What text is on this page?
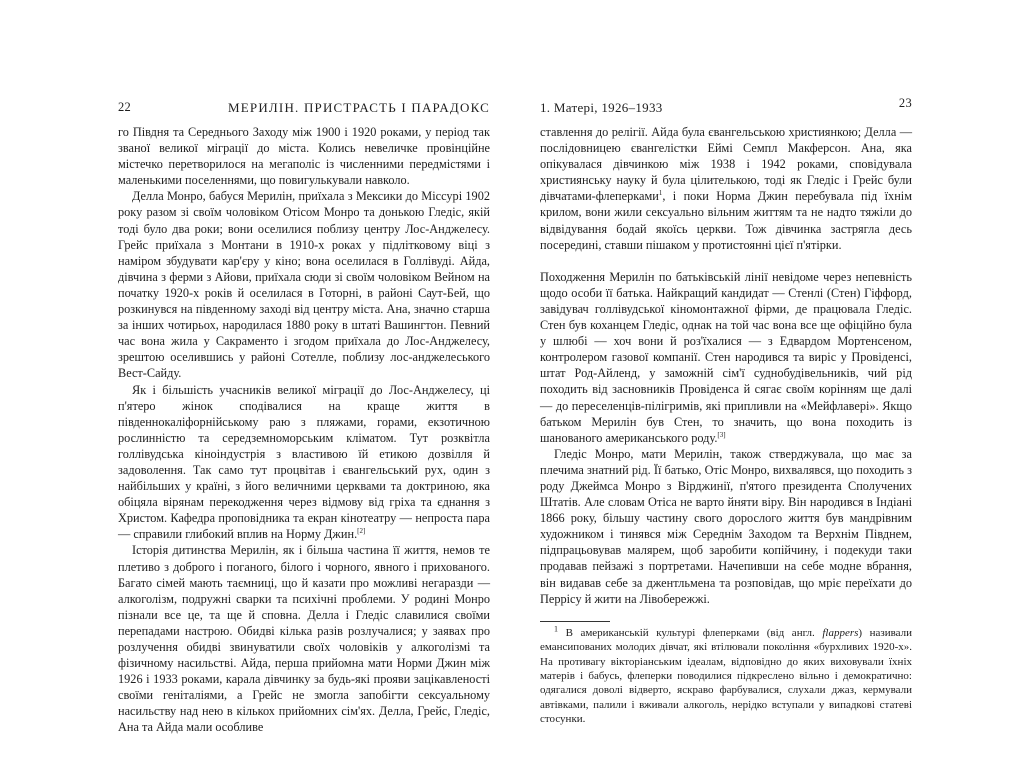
22	МЕРИЛІН. ПРИСТРАСТЬ І ПАРАДОКС

го Півдня та Середнього Заходу між 1900 і 1920 роками, у період так званої великої міграції до міста. Колись невеличке провінційне містечко перетворилося на мегаполіс із численними передмістями і маленькими поселеннями, що повигулькували навколо.

Делла Монро, бабуся Мерилін, приїхала з Мексики до Міссурі 1902 року разом зі своїм чоловіком Отісом Монро та донькою Гледіс, якій тоді було два роки; вони оселилися поблизу центру Лос-Анджелесу. Грейс приїхала з Монтани в 1910-х роках у підлітковому віці з наміром збудувати кар'єру у кіно; вона оселилася в Голлівуді. Айда, дівчина з ферми з Айови, приїхала сюди зі своїм чоловіком Вейном на початку 1920-х років й оселилася в Готорні, в районі Саут-Бей, що розкинувся на південному заході від центру міста. Ана, значно старша за інших чотирьох, народилася 1880 року в штаті Вашингтон. Певний час вона жила у Сакраменто і згодом приїхала до Лос-Анджелесу, зрештою оселившись у районі Сотелле, поблизу лос-анджелеського Вест-Сайду.

Як і більшість учасників великої міграції до Лос-Анджелесу, ці п'ятеро жінок сподівалися на краще життя в південнокаліфорнійському раю з пляжами, горами, екзотичною рослинністю та середземноморським кліматом. Тут розквітла голлівудська кіноіндустрія з властивою їй етикою дозвілля й задоволення. Так само тут процвітав і євангельський рух, один з найбільших у країні, з його величними церквами та доктриною, яка обіцяла вірянам перекодження через відмову від гріха та єднання з Христом. Кафедра проповідника та екран кінотеатру — непроста пара — справили глибокий вплив на Норму Джин.[2]

Історія дитинства Мерилін, як і більша частина її життя, немов те плетиво з доброго і поганого, білого і чорного, явного і прихованого. Багато сімей мають таємниці, що й казати про можливі негаразди — алкоголізм, подружні сварки та психічні проблеми. У родині Монро пізнали все це, та ще й сповна. Делла і Гледіс славилися своїми перепадами настрою. Обидві кілька разів розлучалися; у заявах про розлучення обидві звинуватили своїх чоловіків у алкоголізмі та фізичному насильстві. Айда, перша прийомна мати Норми Джин між 1926 і 1933 роками, карала дівчинку за будь-які прояви зацікавленості своїми геніталіями, а Грейс не змогла запобігти сексуальному насильству над нею в кількох прийомних сім'ях. Делла, Грейс, Гледіс, Ана та Айда мали особливе

1. Матері, 1926–1933	23

ставлення до релігії. Айда була євангельською християнкою; Делла — послідовницею євангелістки Еймі Семпл Макферсон. Ана, яка опікувалася дівчинкою між 1938 і 1942 роками, сповідувала християнську науку й була цілителькою, тоді як Гледіс і Грейс були дівчатами-флеперками$^1$, і поки Норма Джин перебувала під їхнім крилом, вони жили сексуально вільним життям та не надто тяжіли до відвідування бодай якоїсь церкви. Тож дівчинка застрягла десь посередині, ставши пішаком у протистоянні цієї п'ятірки.

Походження Мерилін по батьківській лінії невідоме через непевність щодо особи її батька. Найкращий кандидат — Стенлі (Стен) Гіффорд, завідувач голлівудської кіномонтажної фірми, де працювала Гледіс. Стен був коханцем Гледіс, однак на той час вона все ще офіційно була у шлюбі — хоч вони й роз'їхалися — з Едвардом Мортенсеном, контролером газової компанії. Стен народився та виріс у Провіденсі, штат Род-Айленд, у заможній сім'ї суднобудівельників, чий рід походить від засновників Провіденса й сягає своїм корінням ще далі — до переселенців-пілігримів, які припливли на «Мейфлавері». Якщо батьком Мерилін був Стен, то значить, що вона походить із шанованого американського роду.[3]

Гледіс Монро, мати Мерилін, також стверджувала, що має за плечима знатний рід. Її батько, Отіс Монро, вихвалявся, що походить з роду Джеймса Монро з Вірджинії, п'ятого президента Сполучених Штатів. Але словам Отіса не варто йняти віру. Він народився в Індіані 1866 року, більшу частину свого дорослого життя був мандрівним художником і тинявся між Середнім Заходом та Верхнім Півднем, підпрацьовував малярем, щоб заробити копійчину, і подекуди таки продавав пейзажі з портретами. Начепивши на себе модне вбрання, він видавав себе за джентльмена та розповідав, що мріє переїхати до Перріcу й жити на Лівобережжі.

$^1$ В американській культурі флеперками (від англ. flappers) називали емансипованих молодих дівчат, які втілювали покоління «бурхливих 1920-х». На противагу вікторіанським ідеалам, відповідно до яких виховували їхніх матерів і бабусь, флеперки поводилися підкреслено вільно і демократично: одягалися доволі відверто, яскраво фарбувалися, слухали джаз, кермували автівками, палили і вживали алкоголь, нерідко вступали у випадкові статеві стосунки.
